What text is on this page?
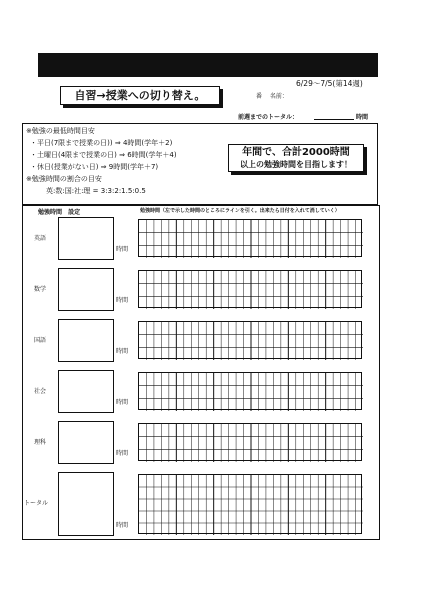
6/29〜7/5(第14週)
自習→授業への切り替え。	番 名前：
前週までのトータル：	時間
※勉強の最低時間目安
・平日(7限まで授業の日)) ⇒ 4時間(学年＋2)
・土曜日(4限まで授業の日) ⇒ 6時間(学年＋4)
・休日(授業がない日) ⇒ 9時間(学年＋7)
※勉強時間の割合の目安
英:数:国:社:理 = 3:3:2:1.5:0.5
年間で、合計2000時間
以上の勉強時間を目指します！
勉強時間 設定	勉強時間（左で示した時間のところにラインを引く。出来たら日付を入れて消していく）
英語
時間
数学
時間
国語
時間
社会
時間
理科
時間
トータル
時間
